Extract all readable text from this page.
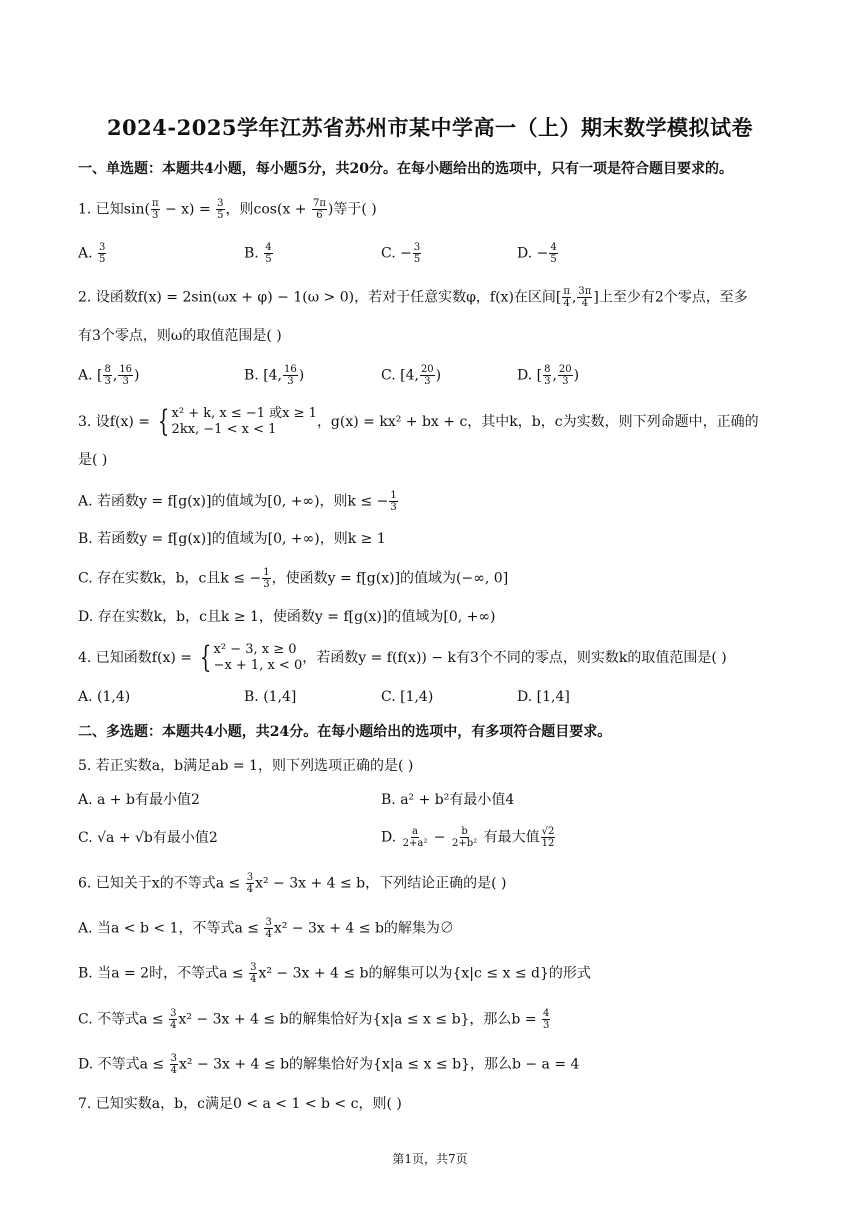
2024-2025学年江苏省苏州市某中学高一（上）期末数学模拟试卷
一、单选题：本题共4小题，每小题5分，共20分。在每小题给出的选项中，只有一项是符合题目要求的。
1. 已知$\sin( \frac{\pi}{3} - x) = \frac{3}{5}$ ，则$\cos(x + \frac{7\pi}{6}$ )等于( )
A. $\frac{3}{5}$	B. $\frac{4}{5}$	C. − $\frac{3}{5}$	D. − $\frac{4}{5}$
2. 设函数f(x) = 2sin(ωx + φ) − 1(ω > 0)，若对于任意实数φ，f(x)在区间[ $\frac{\pi}{4}$ , $\frac{3\pi}{4}$ ]上至少有2个零点，至多
有3个零点，则ω的取值范围是( )
A. [ $\frac{8}{3}$ , $\frac{16}{3}$ )	B. [4, $\frac{16}{3}$ )	C. [4, $\frac{20}{3}$ )	D. [ $\frac{8}{3}$ , $\frac{20}{3}$ )
3. 设f(x) = { x² + k, x ≤ −1 或x ≥ 1
2kx, −1 < x < 1	，g(x) = kx² + bx + c，其中k，b，c为实数，则下列命题中，正确的
是( )
A. 若函数y = f[g(x)]的值域为[0, +∞)，则k ≤ − $\frac{1}{3}$
B. 若函数y = f[g(x)]的值域为[0, +∞)，则k ≥ 1
C. 存在实数k，b，c且k ≤ − $\frac{1}{3}$ ，使函数y = f[g(x)]的值域为(−∞, 0]
D. 存在实数k，b，c且k ≥ 1，使函数y = f[g(x)]的值域为[0, +∞)
4. 已知函数f(x) = { x² − 3, x ≥ 0
−x + 1, x < 0 ，若函数y = f(f(x)) − k有3个不同的零点，则实数k的取值范围是( )
A. (1,4)	B. (1,4]	C. [1,4)	D. [1,4]
二、多选题：本题共4小题，共24分。在每小题给出的选项中，有多项符合题目要求。
5. 若正实数a，b满足ab = 1，则下列选项正确的是( )
A. a + b有最小值2	B. a² + b²有最小值4
C. √a + √b有最小值2	D. $\frac{a}{\text{2+a²}} - \frac{b}{\text{2+b²}}$ 有最大值 $\frac{√2}{12}$
6. 已知关于x的不等式$a \le \frac{3}{4} x^2 - 3x + 4 \le b$，下列结论正确的是( )
A. 当a < b < 1，不等式$a \le \frac{3}{4} x^2 - 3x + 4 \le b$的解集为∅
B. 当a = 2时，不等式$a \le \frac{3}{4} x^2 - 3x + 4 \le b$的解集可以为{x|c ≤ x ≤ d}的形式
C. 不等式$a \le \frac{3}{4} x^2 - 3x + 4 \le b$的解集恰好为{x|a ≤ x ≤ b}，那么$b = \frac{4}{3}$
D. 不等式$a \le \frac{3}{4} x^2 - 3x + 4 \le b$的解集恰好为{x|a ≤ x ≤ b}，那么b − a = 4
7. 已知实数a，b，c满足0 < a < 1 < b < c，则( )
第1页，共7页
